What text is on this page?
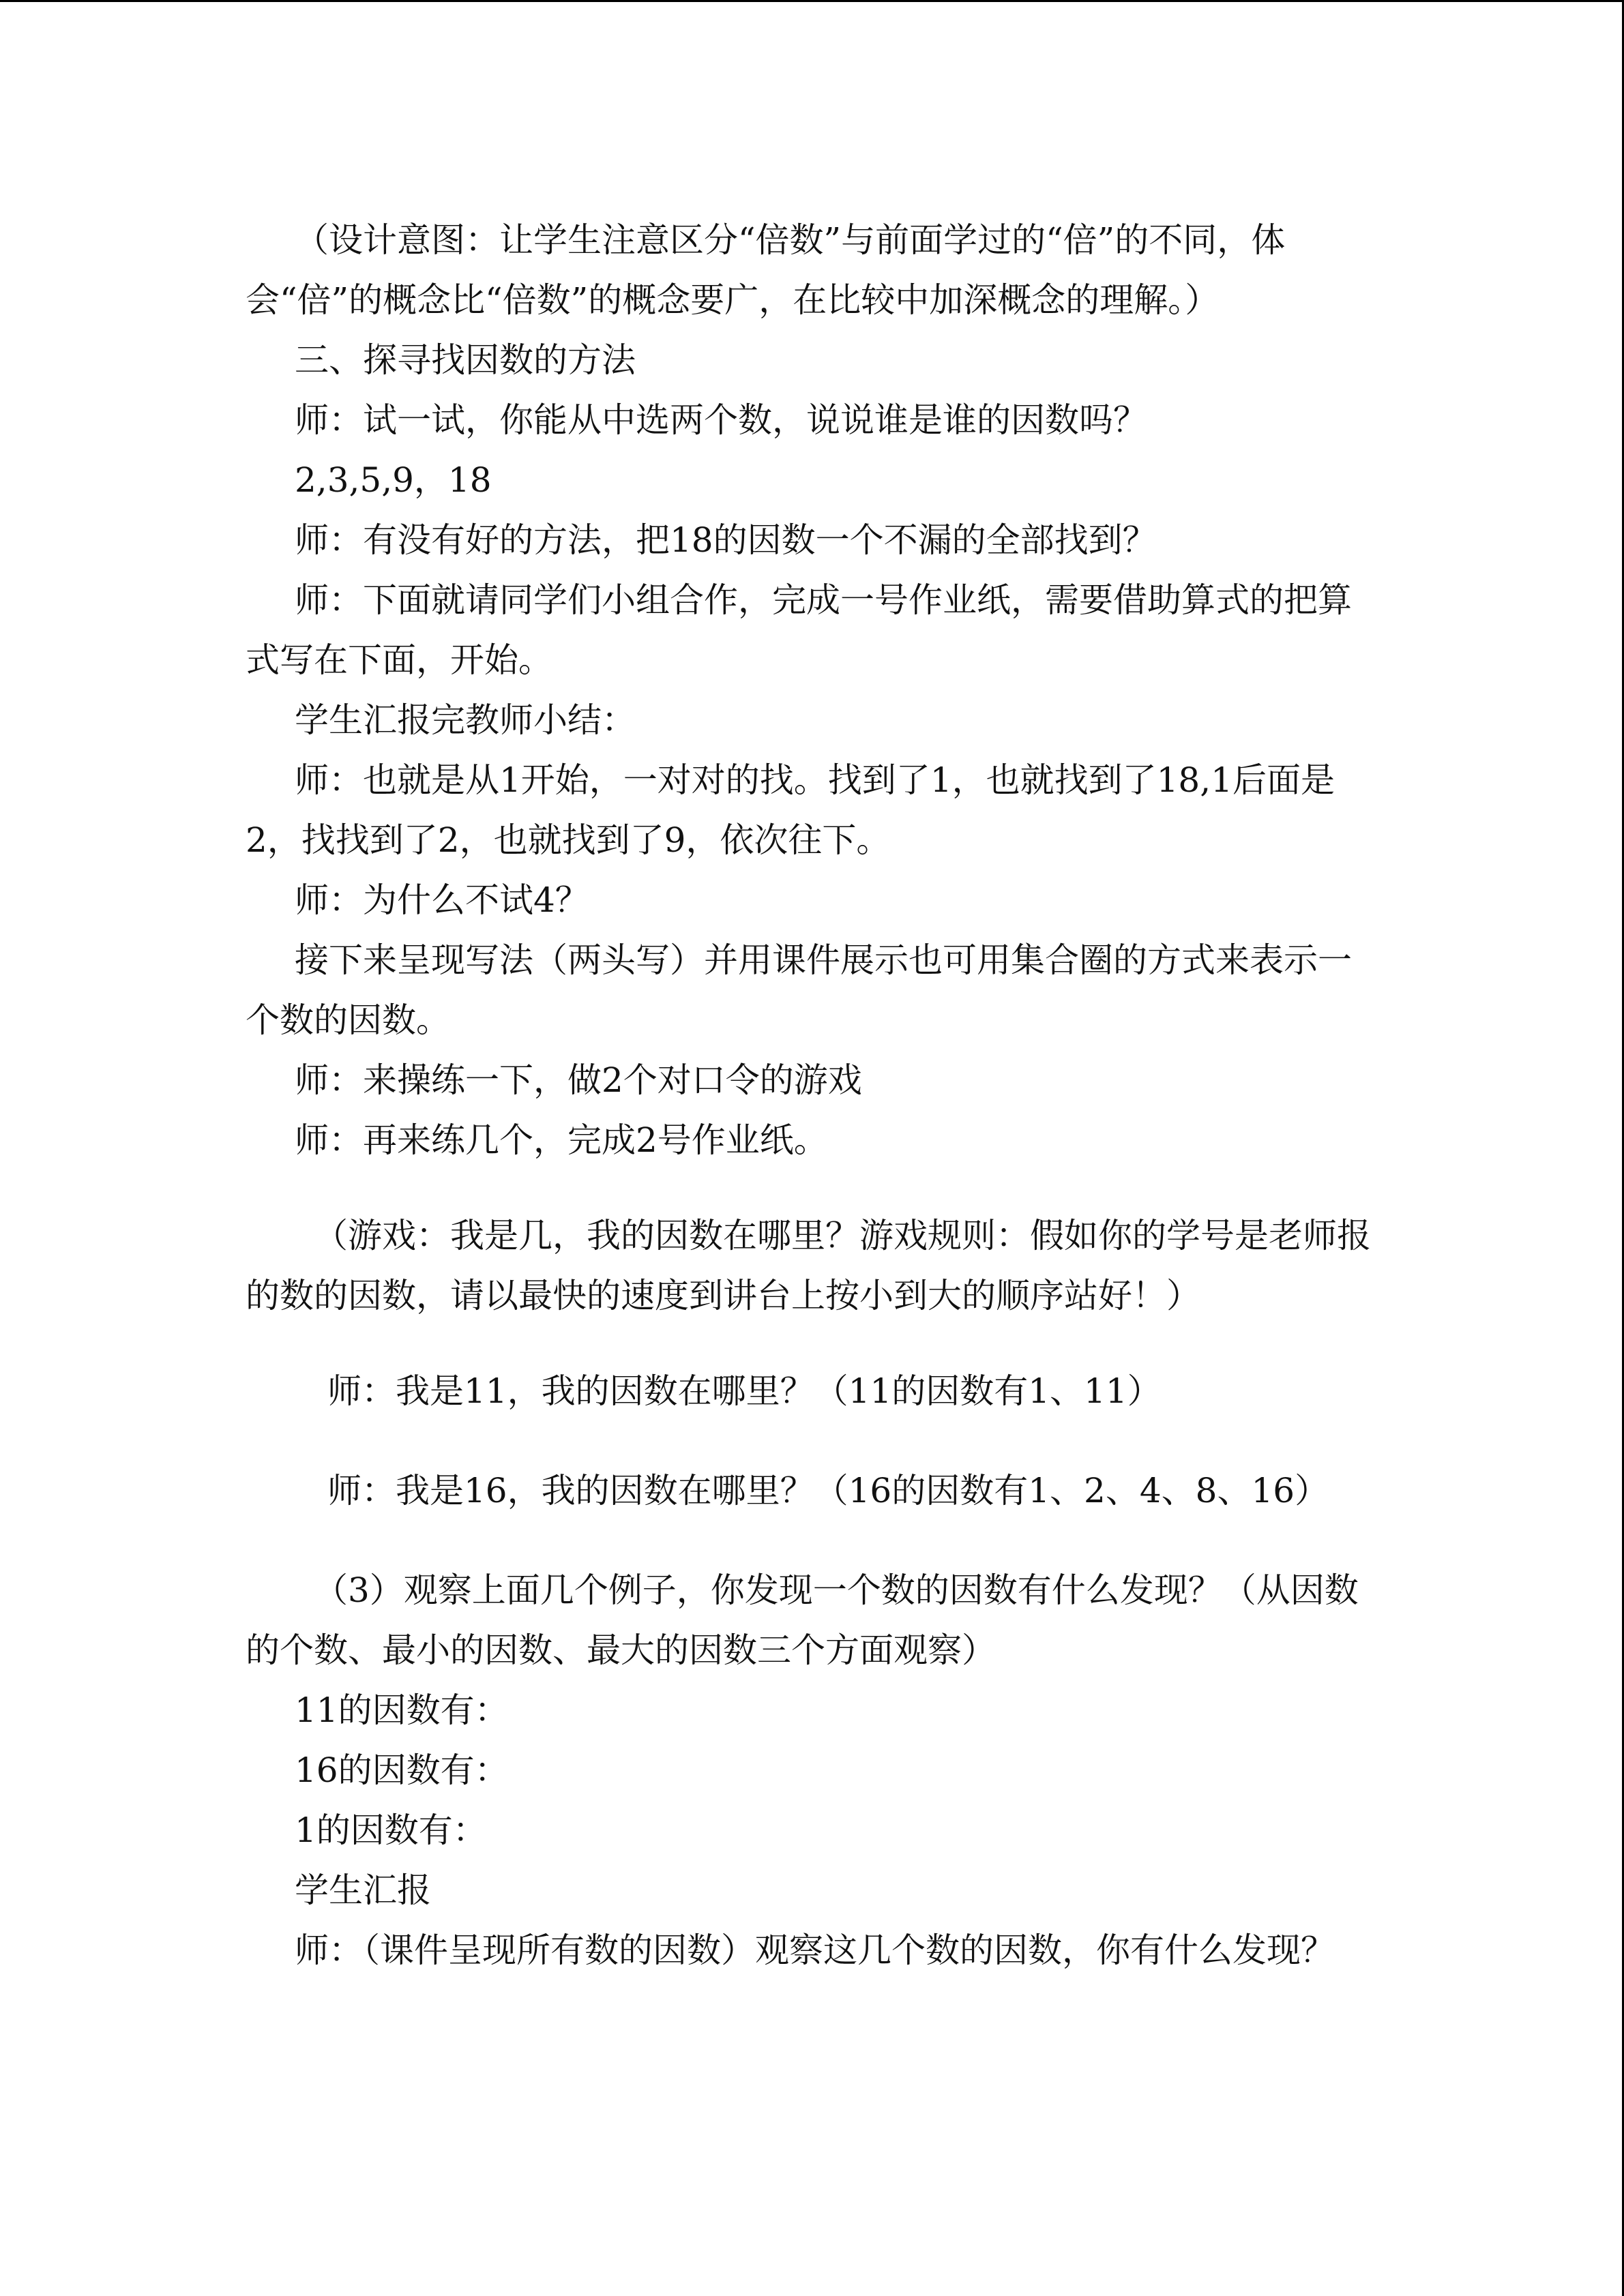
（设计意图：让学生注意区分“倍数”与前面学过的“倍”的不同，体会“倍”的概念比“倍数”的概念要广，在比较中加深概念的理解。）

三、探寻找因数的方法

师：试一试，你能从中选两个数，说说谁是谁的因数吗？

2,3,5,9，18

师：有没有好的方法，把18的因数一个不漏的全部找到？

师：下面就请同学们小组合作，完成一号作业纸，需要借助算式的把算式写在下面，开始。

学生汇报完教师小结：

师：也就是从1开始，一对对的找。找到了1，也就找到了18,1后面是2，找找到了2，也就找到了9，依次往下。

师：为什么不试4？

接下来呈现写法（两头写）并用课件展示也可用集合圈的方式来表示一个数的因数。

师：来操练一下，做2个对口令的游戏

师：再来练几个，完成2号作业纸。

（游戏：我是几，我的因数在哪里？游戏规则：假如你的学号是老师报的数的因数，请以最快的速度到讲台上按小到大的顺序站好！）

师：我是11，我的因数在哪里？（11的因数有1、11）

师：我是16，我的因数在哪里？（16的因数有1、2、4、8、16）

（3）观察上面几个例子，你发现一个数的因数有什么发现？（从因数的个数、最小的因数、最大的因数三个方面观察）

11的因数有：

16的因数有：

1的因数有：

学生汇报

师：（课件呈现所有数的因数）观察这几个数的因数，你有什么发现？
